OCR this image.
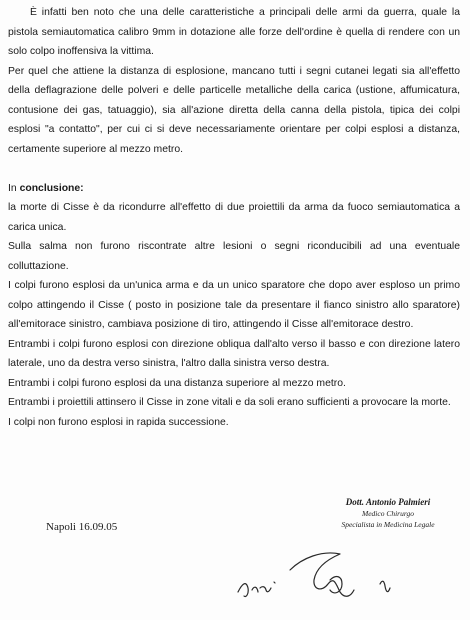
È infatti ben noto che una delle caratteristiche a principali delle armi da guerra, quale la pistola semiautomatica calibro 9mm in dotazione alle forze dell'ordine è quella di rendere con un solo colpo inoffensiva la vittima.

Per quel che attiene la distanza di esplosione, mancano tutti i segni cutanei legati sia all'effetto della deflagrazione delle polveri e delle particelle metalliche della carica (ustione, affumicatura, contusione dei gas, tatuaggio), sia all'azione diretta della canna della pistola, tipica dei colpi esplosi "a contatto", per cui ci si deve necessariamente orientare per colpi esplosi a distanza, certamente superiore al mezzo metro.

In conclusione:

la morte di Cisse è da ricondurre all'effetto di due proiettili da arma da fuoco semiautomatica a carica unica.

Sulla salma non furono riscontrate altre lesioni o segni riconducibili ad una eventuale colluttazione.

I colpi furono esplosi da un'unica arma e da un unico sparatore che dopo aver esploso un primo colpo attingendo il Cisse ( posto in posizione tale da presentare il fianco sinistro allo sparatore) all'emitorace sinistro, cambiava posizione di tiro, attingendo il Cisse all'emitorace destro.

Entrambi i colpi furono esplosi con direzione obliqua dall'alto verso il basso e con direzione latero laterale, uno da destra verso sinistra, l'altro dalla sinistra verso destra.

Entrambi i colpi furono esplosi da una distanza superiore al mezzo metro.

Entrambi i proiettili attinsero il Cisse in zone vitali e da soli erano sufficienti a provocare la morte.

I colpi non furono esplosi in rapida successione.

Napoli 16.09.05
Dott. Antonio Palmieri
Medico Chirurgo
Specialista in Medicina Legale
